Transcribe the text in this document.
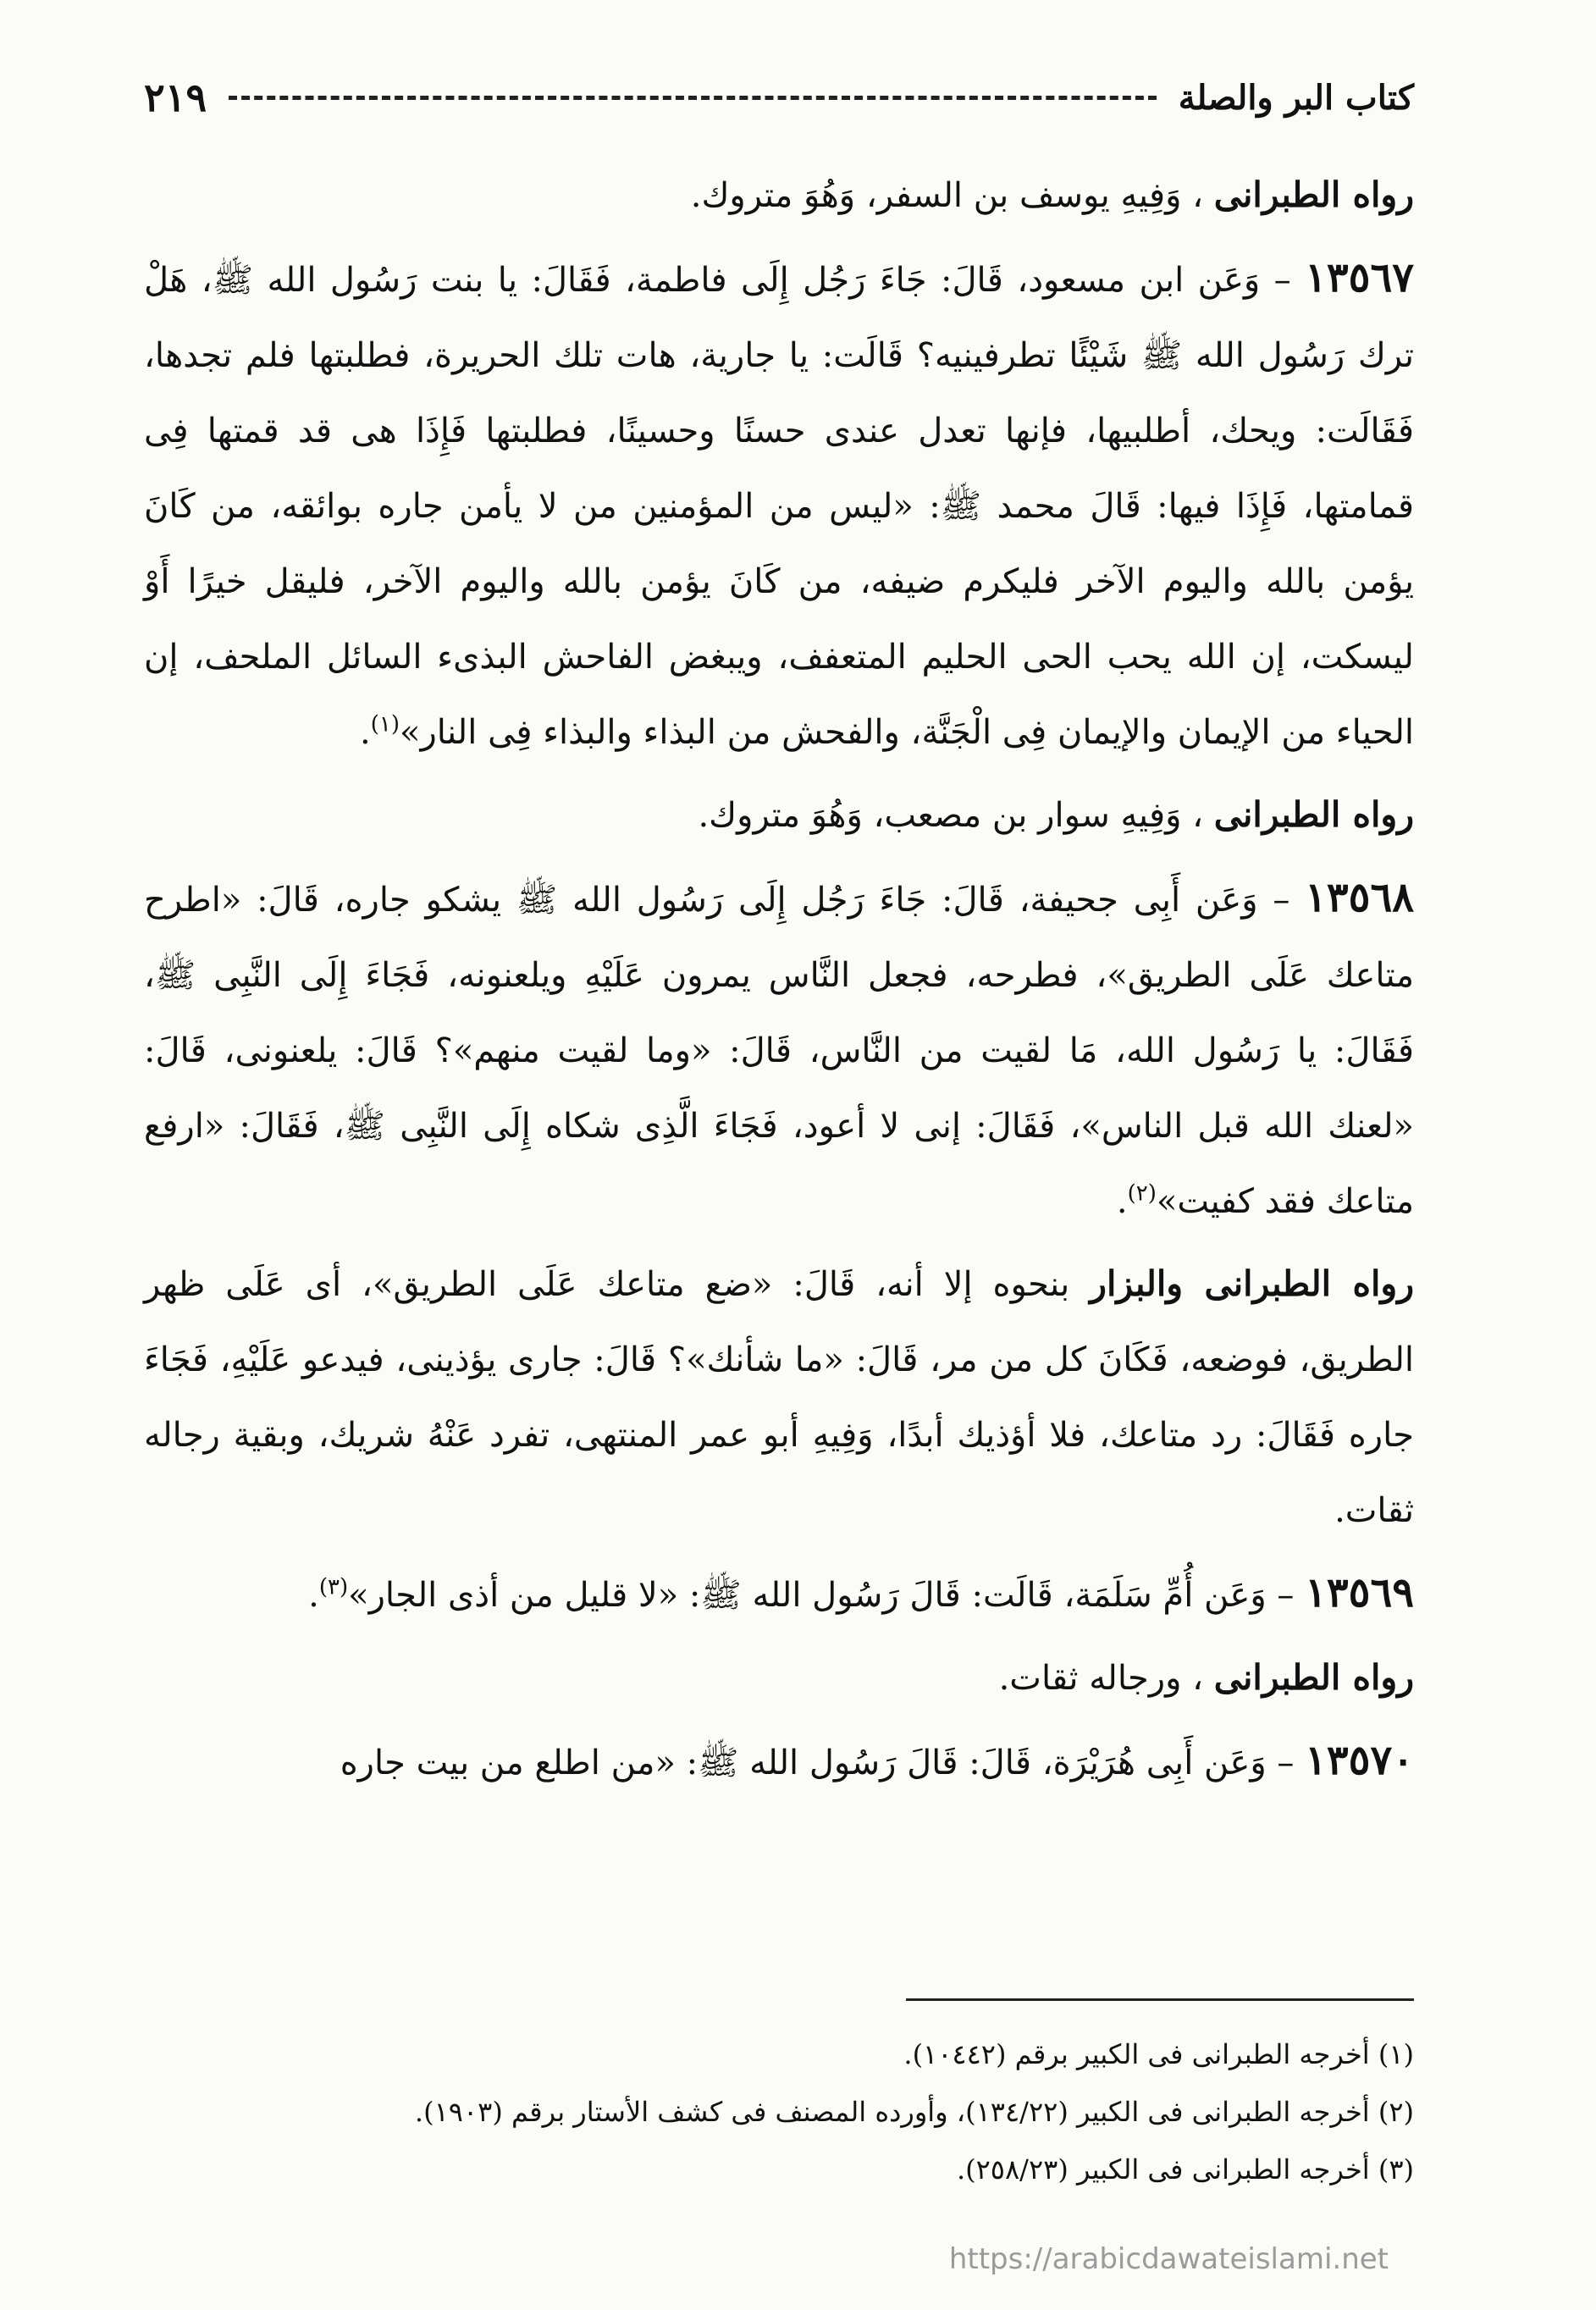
كتاب البر والصلة
٢١٩

رواه الطبرانى ، وَفِيهِ يوسف بن السفر، وَهُوَ متروك.

١٣٥٦٧ – وَعَن ابن مسعود، قَالَ: جَاءَ رَجُل إِلَى فاطمة، فَقَالَ: يا بنت رَسُول الله ﷺ، هَلْ ترك رَسُول الله ﷺ شَيْئًا تطرفينيه؟ قَالَت: يا جارية، هات تلك الحريرة، فطلبتها فلم تجدها، فَقَالَت: ويحك، أطلبيها، فإنها تعدل عندى حسنًا وحسينًا، فطلبتها فَإِذَا هى قد قمتها فِى قمامتها، فَإِذَا فيها: قَالَ محمد ﷺ: «ليس من المؤمنين من لا يأمن جاره بوائقه، من كَانَ يؤمن بالله واليوم الآخر فليكرم ضيفه، من كَانَ يؤمن بالله واليوم الآخر، فليقل خيرًا أَوْ ليسكت، إن الله يحب الحى الحليم المتعفف، ويبغض الفاحش البذىء السائل الملحف، إن الحياء من الإيمان والإيمان فِى الْجَنَّة، والفحش من البذاء والبذاء فِى النار»$^{(١)}$.

رواه الطبرانى ، وَفِيهِ سوار بن مصعب، وَهُوَ متروك.

١٣٥٦٨ – وَعَن أَبِى جحيفة، قَالَ: جَاءَ رَجُل إِلَى رَسُول الله ﷺ يشكو جاره، قَالَ: «اطرح متاعك عَلَى الطريق»، فطرحه، فجعل النَّاس يمرون عَلَيْهِ ويلعنونه، فَجَاءَ إِلَى النَّبِى ﷺ، فَقَالَ: يا رَسُول الله، مَا لقيت من النَّاس، قَالَ: «وما لقيت منهم»؟ قَالَ: يلعنونى، قَالَ: «لعنك الله قبل الناس»، فَقَالَ: إنى لا أعود، فَجَاءَ الَّذِى شكاه إِلَى النَّبِى ﷺ، فَقَالَ: «ارفع متاعك فقد كفيت»$^{(٢)}$.

رواه الطبرانى والبزار بنحوه إلا أنه، قَالَ: «ضع متاعك عَلَى الطريق»، أى عَلَى ظهر الطريق، فوضعه، فَكَانَ كل من مر، قَالَ: «ما شأنك»؟ قَالَ: جارى يؤذينى، فيدعو عَلَيْهِ، فَجَاءَ جاره فَقَالَ: رد متاعك، فلا أؤذيك أبدًا، وَفِيهِ أبو عمر المنتهى، تفرد عَنْهُ شريك، وبقية رجاله ثقات.

١٣٥٦٩ – وَعَن أُمِّ سَلَمَة، قَالَت: قَالَ رَسُول الله ﷺ: «لا قليل من أذى الجار»$^{(٣)}$.

رواه الطبرانى ، ورجاله ثقات.

١٣٥٧٠ – وَعَن أَبِى هُرَيْرَة، قَالَ: قَالَ رَسُول الله ﷺ: «من اطلع من بيت جاره

(١) أخرجه الطبرانى فى الكبير برقم (١٠٤٤٢).
(٢) أخرجه الطبرانى فى الكبير (١٣٤/٢٢)، وأورده المصنف فى كشف الأستار برقم (١٩٠٣).
(٣) أخرجه الطبرانى فى الكبير (٢٥٨/٢٣).
https://arabicdawateislami.net
